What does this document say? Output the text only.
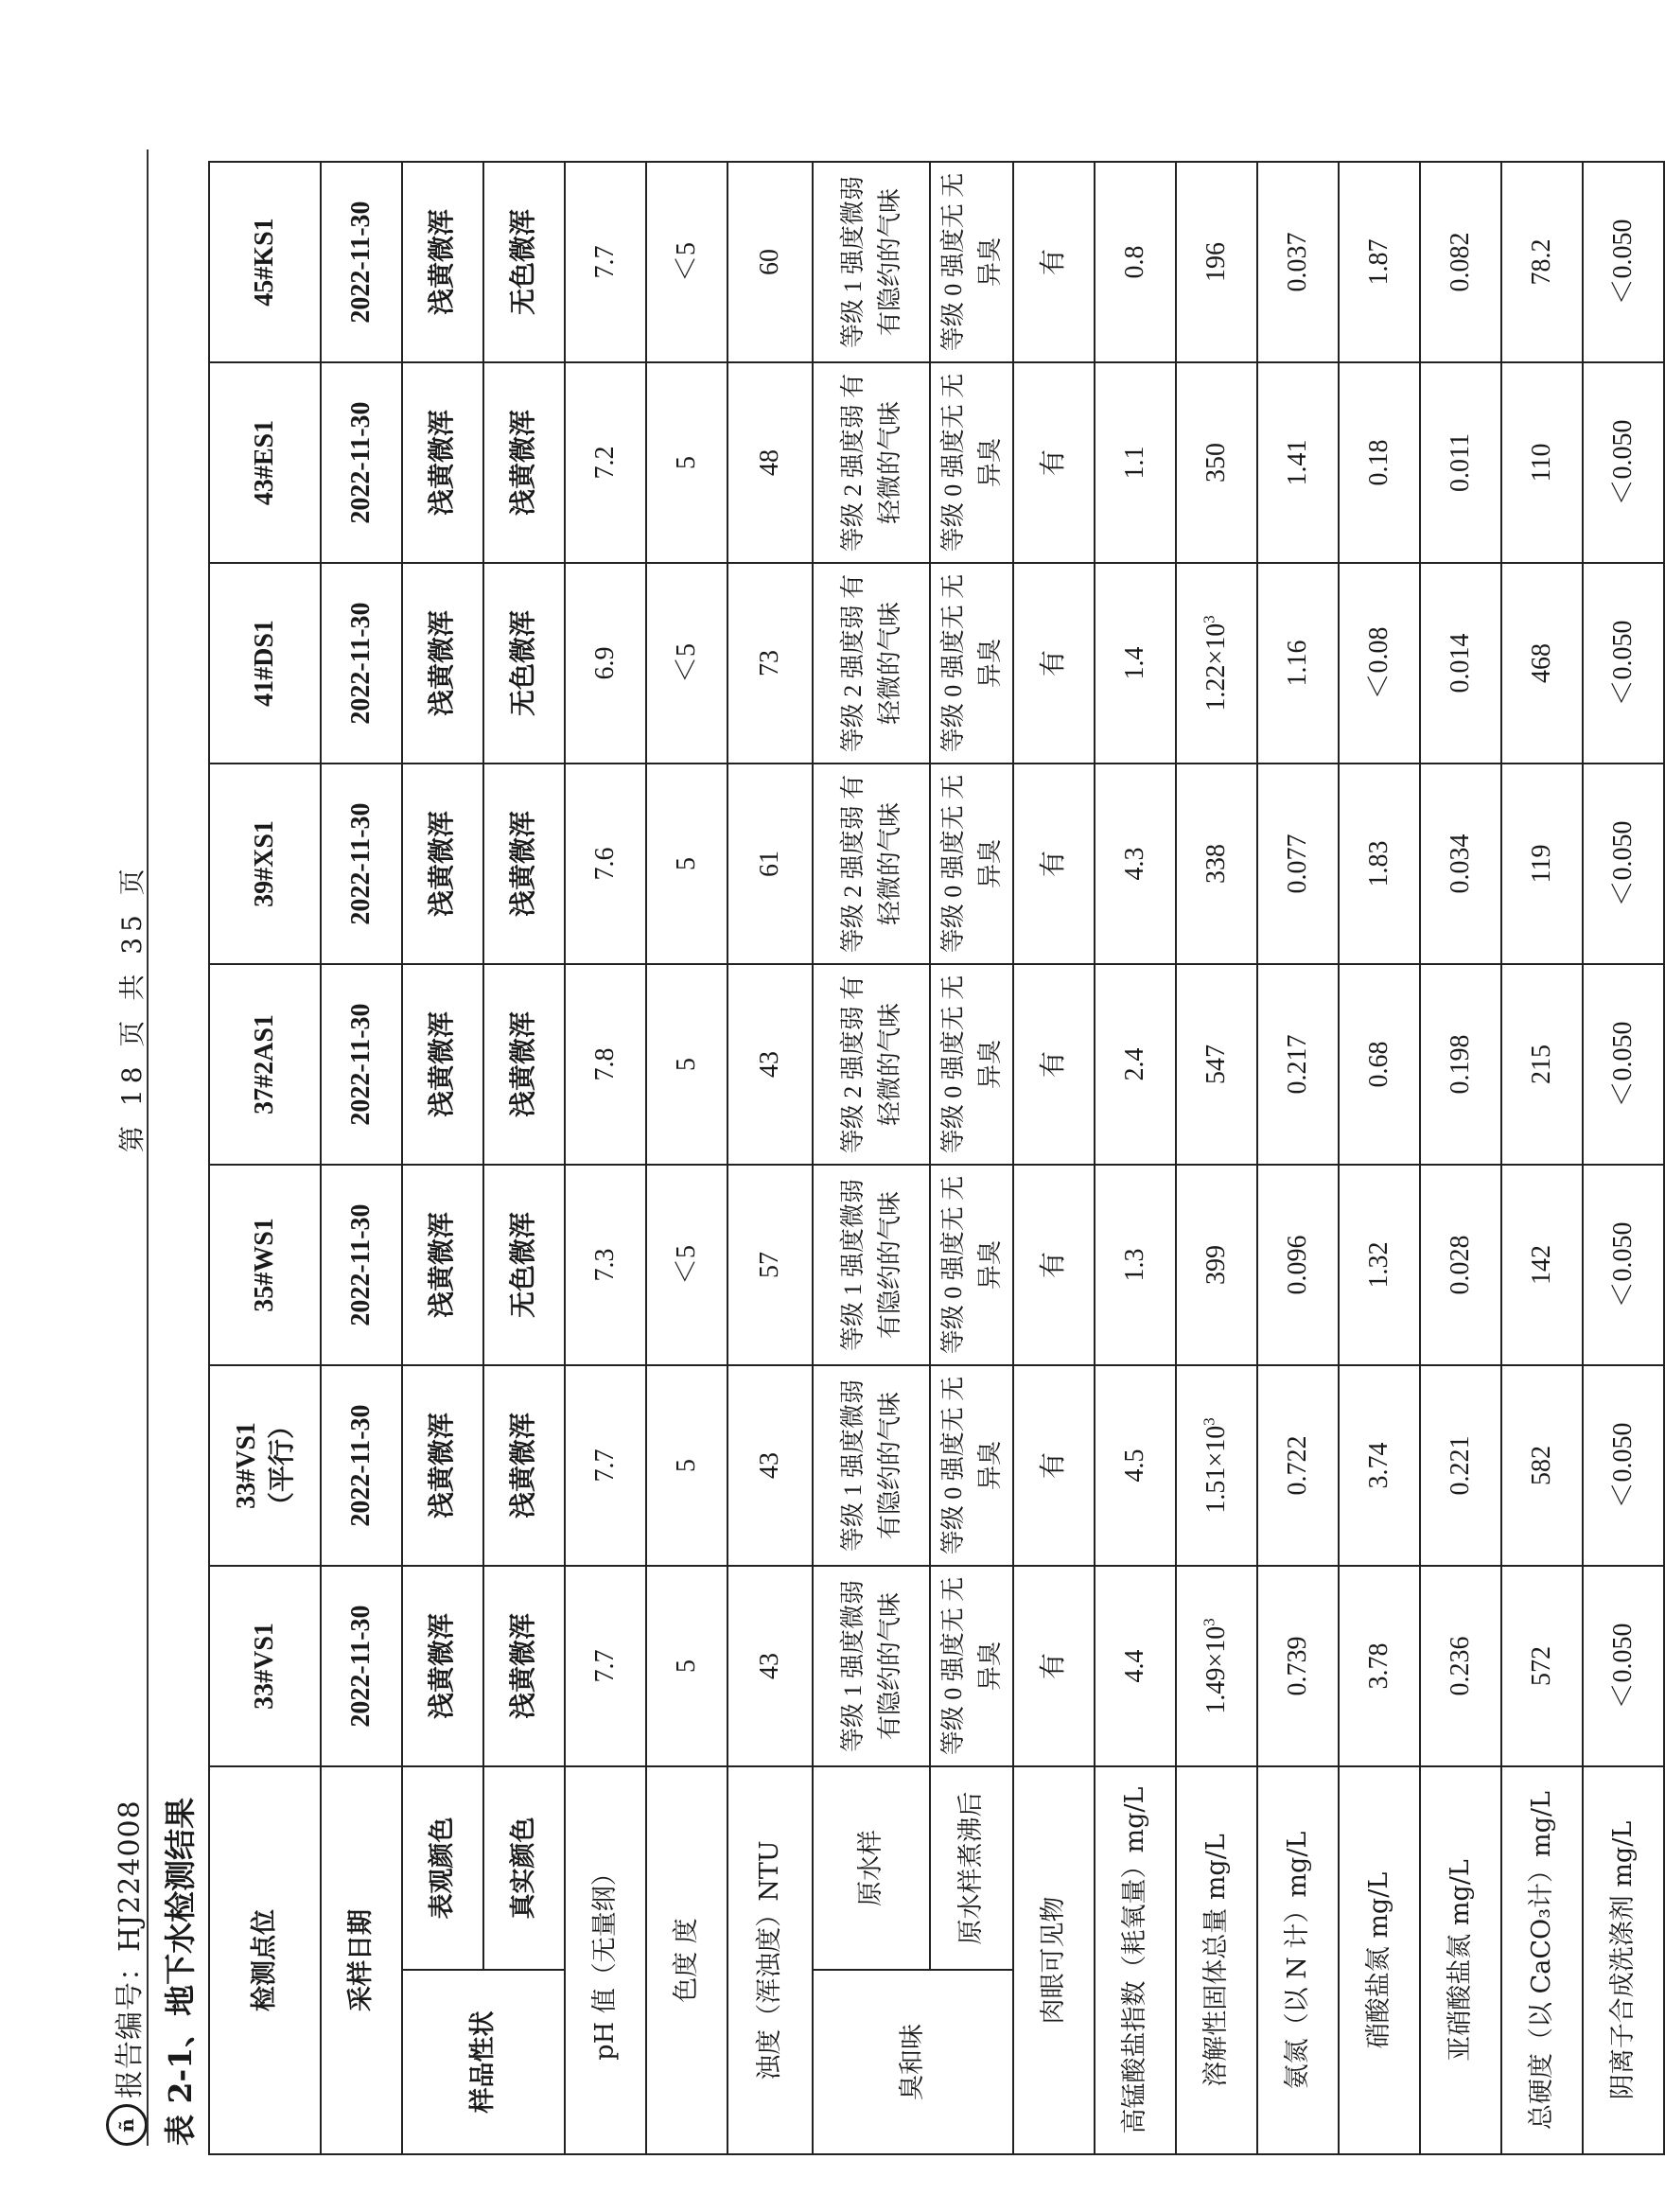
ñ
报告编号：HJ224008
第 18 页 共 35 页
表 2-1、地下水检测结果 检测点位		33#VS1	33#VS1
（平行）	35#WS1	37#2AS1	39#XS1	41#DS1	43#ES1	45#KS1
采样日期		2022-11-30	2022-11-30	2022-11-30	2022-11-30	2022-11-30	2022-11-30	2022-11-30	2022-11-30
样品性状	表观颜色	浅黄微浑	浅黄微浑	浅黄微浑	浅黄微浑	浅黄微浑	浅黄微浑	浅黄微浑	浅黄微浑
	真实颜色	浅黄微浑	浅黄微浑	无色微浑	浅黄微浑	浅黄微浑	无色微浑	浅黄微浑	无色微浑
pH 值（无量纲）		7.7	7.7	7.3	7.8	7.6	6.9	7.2	7.7
色度 度		5	5	＜5	5	5	＜5	5	＜5
浊度（浑浊度）NTU		43	43	57	43	61	73	48	60
臭和味	原水样	等级 1 强度微弱 有隐约的气味	等级 1 强度微弱 有隐约的气味	等级 1 强度微弱 有隐约的气味	等级 2 强度弱 有轻微的气味	等级 2 强度弱 有轻微的气味	等级 2 强度弱 有轻微的气味	等级 2 强度弱 有轻微的气味	等级 1 强度微弱 有隐约的气味
	原水样煮沸后	等级 0 强度无 无异臭	等级 0 强度无 无异臭	等级 0 强度无 无异臭	等级 0 强度无 无异臭	等级 0 强度无 无异臭	等级 0 强度无 无异臭	等级 0 强度无 无异臭	等级 0 强度无 无异臭
肉眼可见物		有	有	有	有	有	有	有	有
高锰酸盐指数（耗氧量）mg/L		4.4	4.5	1.3	2.4	4.3	1.4	1.1	0.8
溶解性固体总量 mg/L		$1.49\times 10^3$	$1.51\times 10^3$	399	547	338	$1.22\times 10^3$	350	196
氨氮（以 N 计）mg/L		0.739	0.722	0.096	0.217	0.077	1.16	1.41	0.037
硝酸盐氮 mg/L		3.78	3.74	1.32	0.68	1.83	＜0.08	0.18	1.87
亚硝酸盐氮 mg/L		0.236	0.221	0.028	0.198	0.034	0.014	0.011	0.082
总硬度（以 CaCO₃计）mg/L		572	582	142	215	119	468	110	78.2
阴离子合成洗涤剂 mg/L		＜0.050	＜0.050	＜0.050	＜0.050	＜0.050	＜0.050	＜0.050	＜0.050
